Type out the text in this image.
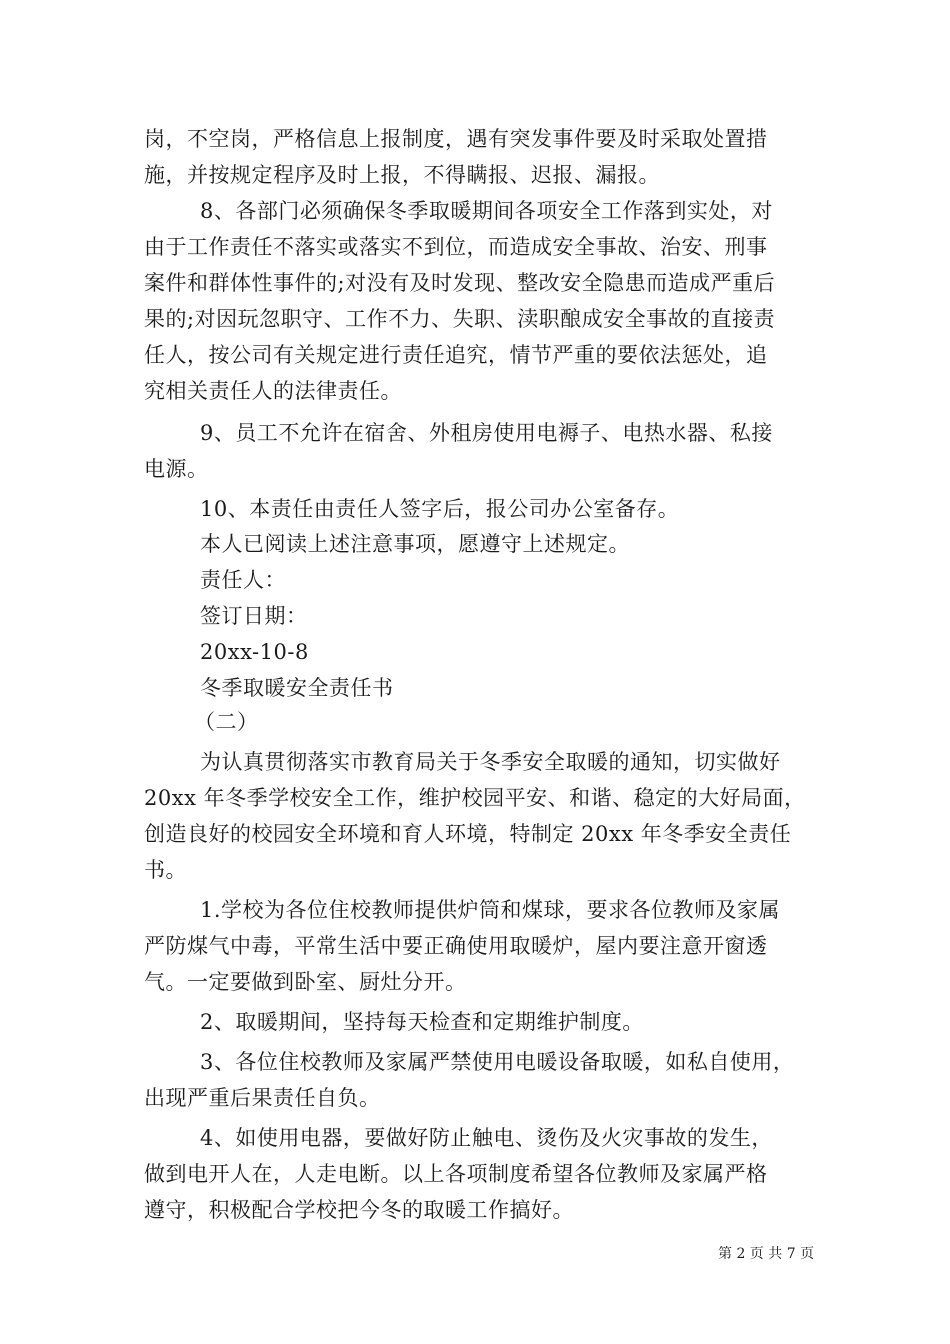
岗，不空岗，严格信息上报制度，遇有突发事件要及时采取处置措
施，并按规定程序及时上报，不得瞒报、迟报、漏报。
8、各部门必须确保冬季取暖期间各项安全工作落到实处，对
由于工作责任不落实或落实不到位，而造成安全事故、治安、刑事
案件和群体性事件的;对没有及时发现、整改安全隐患而造成严重后
果的;对因玩忽职守、工作不力、失职、渎职酿成安全事故的直接责
任人，按公司有关规定进行责任追究，情节严重的要依法惩处，追
究相关责任人的法律责任。
9、员工不允许在宿舍、外租房使用电褥子、电热水器、私接
电源。
10、本责任由责任人签字后，报公司办公室备存。
本人已阅读上述注意事项，愿遵守上述规定。
责任人：
签订日期：
20xx-10-8
冬季取暖安全责任书
（二）
为认真贯彻落实市教育局关于冬季安全取暖的通知，切实做好
20xx 年冬季学校安全工作，维护校园平安、和谐、稳定的大好局面，
创造良好的校园安全环境和育人环境，特制定 20xx 年冬季安全责任
书。
1.学校为各位住校教师提供炉筒和煤球，要求各位教师及家属
严防煤气中毒，平常生活中要正确使用取暖炉，屋内要注意开窗透
气。一定要做到卧室、厨灶分开。
2、取暖期间，坚持每天检查和定期维护制度。
3、各位住校教师及家属严禁使用电暖设备取暖，如私自使用，
出现严重后果责任自负。
4、如使用电器，要做好防止触电、烫伤及火灾事故的发生，
做到电开人在，人走电断。以上各项制度希望各位教师及家属严格
遵守，积极配合学校把今冬的取暖工作搞好。
第 2 页 共 7 页
